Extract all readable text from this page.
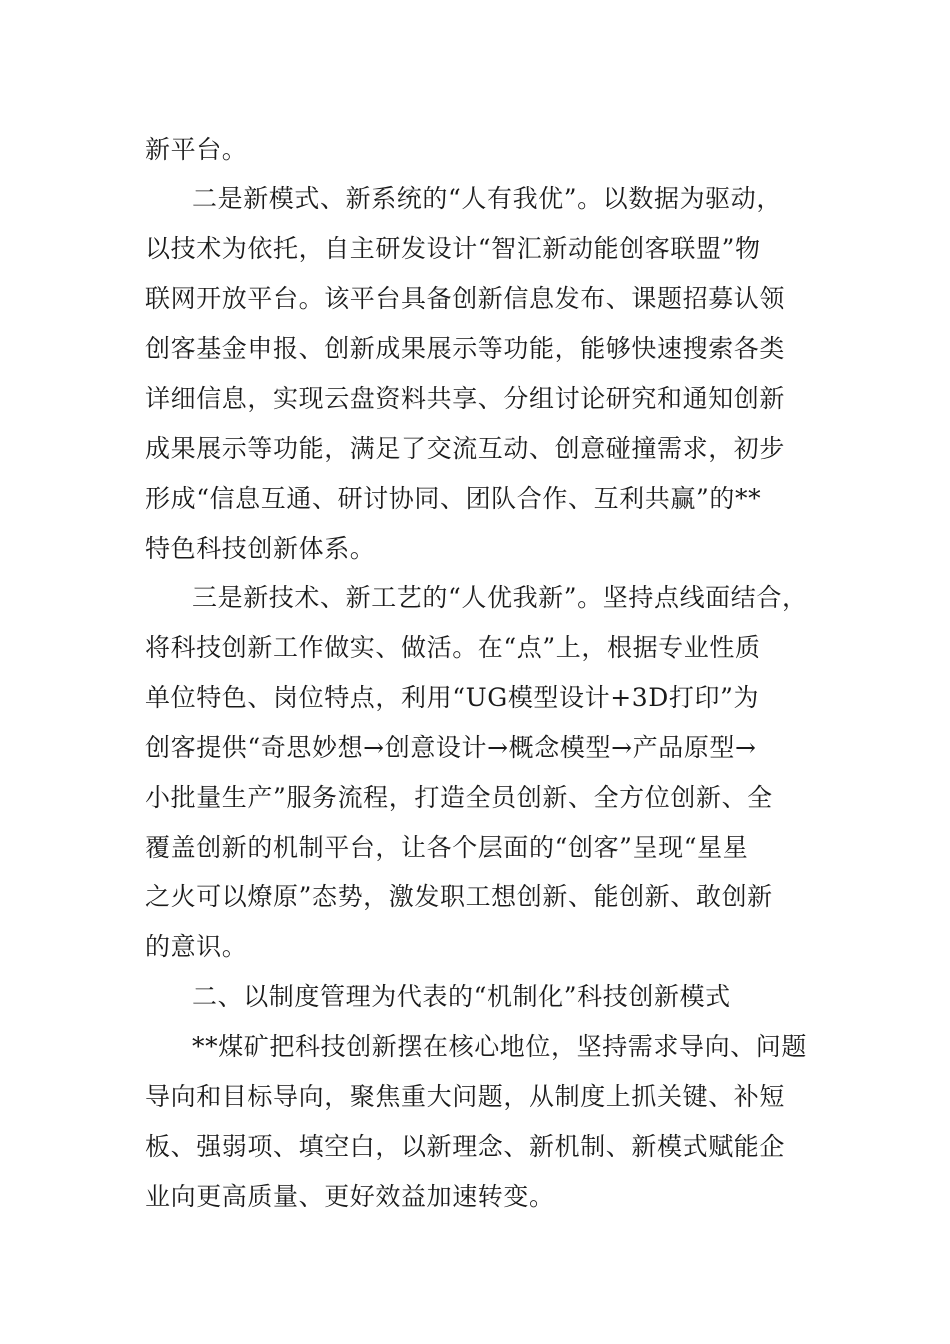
新平台。
二是新模式、新系统的“人有我优”。以数据为驱动，
以技术为依托，自主研发设计“智汇新动能创客联盟”物
联网开放平台。该平台具备创新信息发布、课题招募认领
创客基金申报、创新成果展示等功能，能够快速搜索各类
详细信息，实现云盘资料共享、分组讨论研究和通知创新
成果展示等功能，满足了交流互动、创意碰撞需求，初步
形成“信息互通、研讨协同、团队合作、互利共赢”的**
特色科技创新体系。
三是新技术、新工艺的“人优我新”。坚持点线面结合，
将科技创新工作做实、做活。在“点”上，根据专业性质
单位特色、岗位特点，利用“UG模型设计+3D打印”为
创客提供“奇思妙想→创意设计→概念模型→产品原型→
小批量生产”服务流程，打造全员创新、全方位创新、全
覆盖创新的机制平台，让各个层面的“创客”呈现“星星
之火可以燎原”态势，激发职工想创新、能创新、敢创新
的意识。
二、以制度管理为代表的“机制化”科技创新模式
**煤矿把科技创新摆在核心地位，坚持需求导向、问题
导向和目标导向，聚焦重大问题，从制度上抓关键、补短
板、强弱项、填空白，以新理念、新机制、新模式赋能企
业向更高质量、更好效益加速转变。
